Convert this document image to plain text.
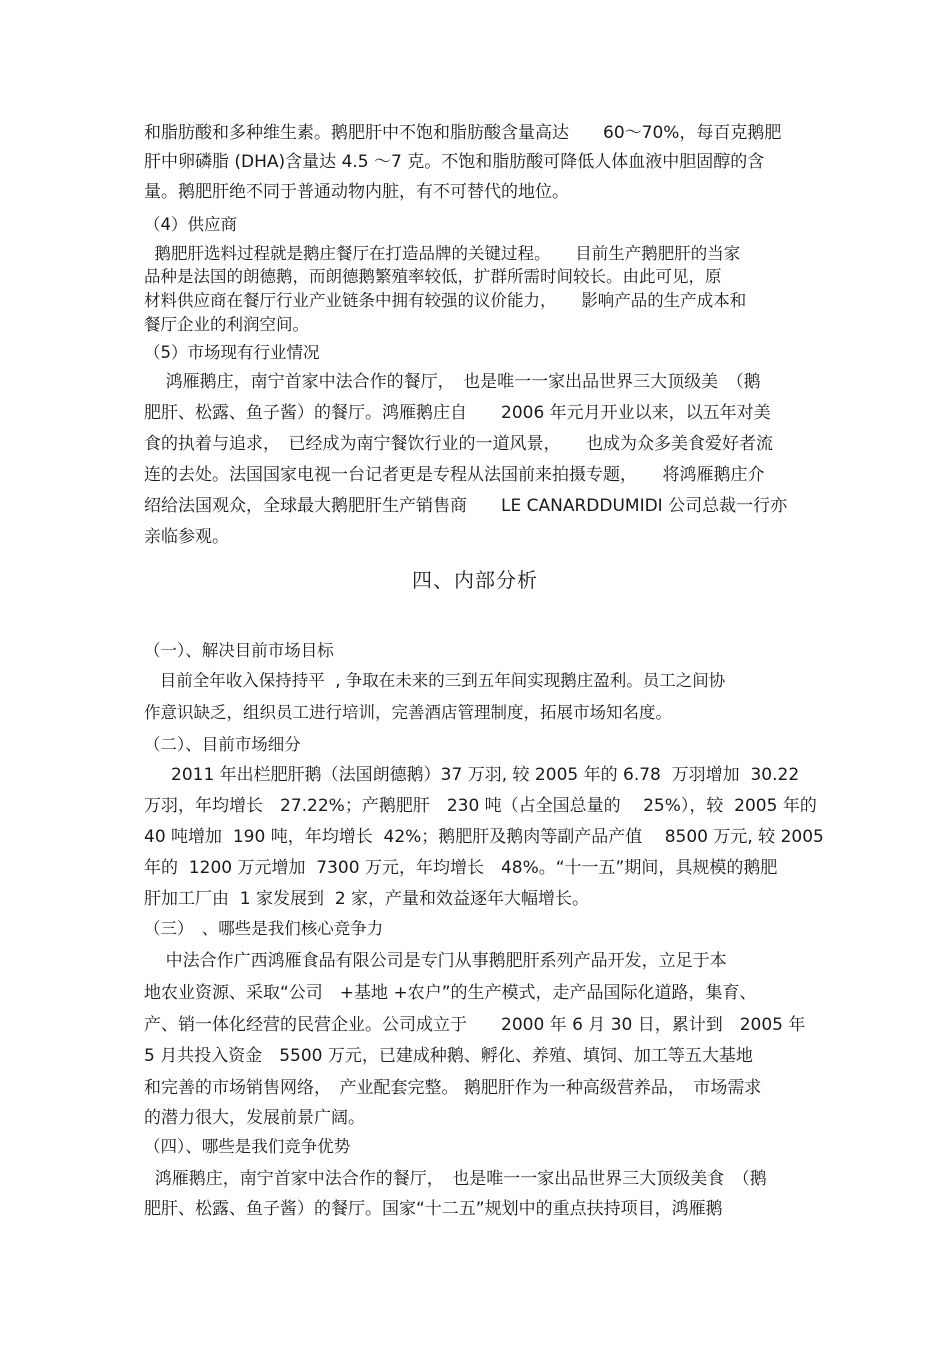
和脂肪酸和多种维生素。鹅肥肝中不饱和脂肪酸含量高达　　60～70%，每百克鹅肥
肝中卵磷脂 (DHA)含量达 4.5 ～7 克。不饱和脂肪酸可降低人体血液中胆固醇的含
量。鹅肥肝绝不同于普通动物内脏，有不可替代的地位。
（4）供应商
鹅肥肝选料过程就是鹅庄餐厅在打造品牌的关键过程。　　目前生产鹅肥肝的当家
品种是法国的朗德鹅，而朗德鹅繁殖率较低，扩群所需时间较长。由此可见，原
材料供应商在餐厅行业产业链条中拥有较强的议价能力，　　影响产品的生产成本和
餐厅企业的利润空间。
（5）市场现有行业情况
鸿雁鹅庄，南宁首家中法合作的餐厅，　也是唯一一家出品世界三大顶级美　（鹅
肥肝、松露、鱼子酱）的餐厅。鸿雁鹅庄自　　2006 年元月开业以来，以五年对美
食的执着与追求，　已经成为南宁餐饮行业的一道风景，　　也成为众多美食爱好者流
连的去处。法国国家电视一台记者更是专程从法国前来拍摄专题，　　将鸿雁鹅庄介
绍给法国观众，全球最大鹅肥肝生产销售商　　LE CANARDDUMIDI 公司总裁一行亦
亲临参观。
四、内部分析
（一）、解决目前市场目标
目前全年收入保持持平  , 争取在未来的三到五年间实现鹅庄盈利。员工之间协
作意识缺乏，组织员工进行培训，完善酒店管理制度，拓展市场知名度。
（二）、目前市场细分
2011 年出栏肥肝鹅（法国朗德鹅）37 万羽, 较 2005 年的 6.78  万羽增加  30.22
万羽，年均增长　27.22%；产鹅肥肝　230 吨（占全国总量的　 25%），较  2005 年的
40 吨增加  190 吨，年均增长  42%；鹅肥肝及鹅肉等副产品产值　 8500 万元, 较 2005
年的  1200 万元增加  7300 万元，年均增长　48%。“十一五”期间，具规模的鹅肥
肝加工厂由  1 家发展到  2 家，产量和效益逐年大幅增长。
（三）　、哪些是我们核心竞争力
中法合作广西鸿雁食品有限公司是专门从事鹅肥肝系列产品开发，立足于本
地农业资源、采取“公司　+基地 +农户”的生产模式，走产品国际化道路，集育、
产、销一体化经营的民营企业。公司成立于　　2000 年 6 月 30 日，累计到　2005 年
5 月共投入资金　5500 万元，已建成种鹅、孵化、养殖、填饲、加工等五大基地
和完善的市场销售网络，　产业配套完整。 鹅肥肝作为一种高级营养品，　市场需求
的潜力很大，发展前景广阔。
（四）、哪些是我们竞争优势
鸿雁鹅庄，南宁首家中法合作的餐厅，　也是唯一一家出品世界三大顶级美食　（鹅
肥肝、松露、鱼子酱）的餐厅。国家“十二五”规划中的重点扶持项目，鸿雁鹅
